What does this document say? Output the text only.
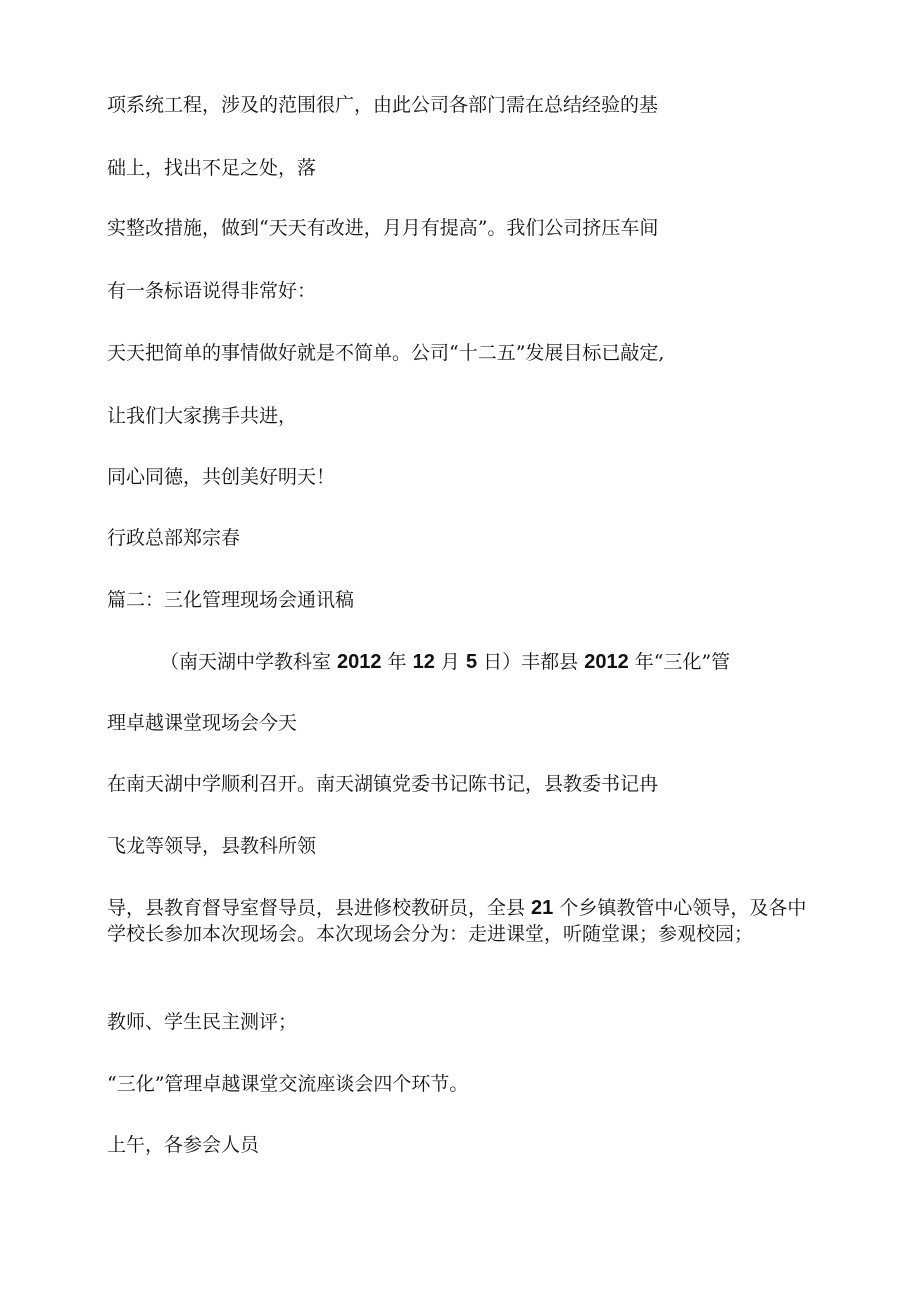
项系统工程，涉及的范围很广，由此公司各部门需在总结经验的基
础上，找出不足之处，落
实整改措施，做到“天天有改进，月月有提高”。我们公司挤压车间
有一条标语说得非常好：
天天把简单的事情做好就是不简单。公司“十二五”发展目标已敲定,
让我们大家携手共进，
同心同德，共创美好明天！
行政总部郑宗春
篇二：三化管理现场会通讯稿
（南天湖中学教科室 2012 年 12 月 5 日）丰都县 2012 年“三化”管
理卓越课堂现场会今天
在南天湖中学顺利召开。南天湖镇党委书记陈书记，县教委书记冉
飞龙等领导，县教科所领
导，县教育督导室督导员，县进修校教研员，全县 21 个乡镇教管中心领导，及各中学校长参加本次现场会。本次现场会分为：走进课堂，听随堂课；参观校园；
教师、学生民主测评；
“三化”管理卓越课堂交流座谈会四个环节。
上午，各参会人员
